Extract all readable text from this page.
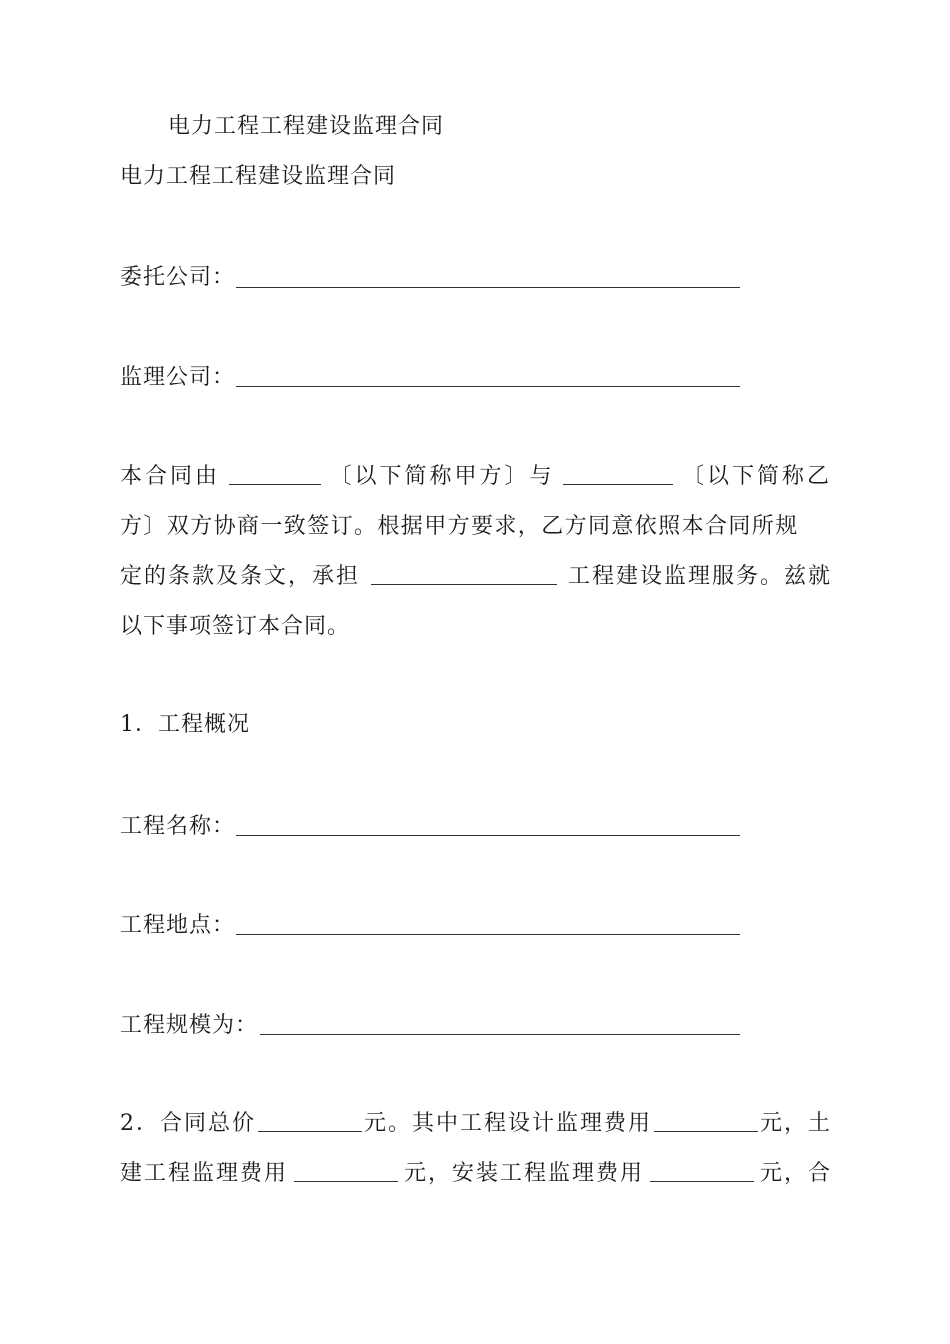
电力工程工程建设监理合同
电力工程工程建设监理合同
委托公司：
监理公司：
本合同由	〔以下简称甲方〕与	〔以下简称乙
方〕双方协商一致签订。根据甲方要求，乙方同意依照本合同所规
定的条款及条文，承担	工程建设监理服务。兹就
以下事项签订本合同。
1．工程概况
工程名称：
工程地点：
工程规模为：
2．合同总价	元。其中工程设计监理费用	元，土
建工程监理费用	元，安装工程监理费用	元，合
